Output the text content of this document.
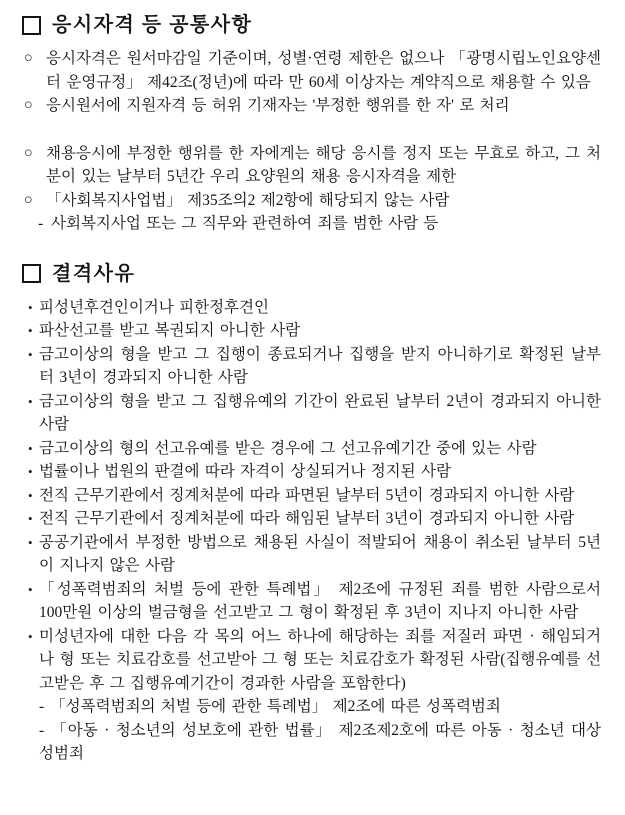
응시자격 등 공통사항
○ 응시자격은 원서마감일 기준이며, 성별·연령 제한은 없으나 「광명시립노인요양센터 운영규정」 제42조(정년)에 따라 만 60세 이상자는 계약직으로 채용할 수 있음
○ 응시원서에 지원자격 등 허위 기재자는 '부정한 행위를 한 자' 로 처리
○ 채용응시에 부정한 행위를 한 자에게는 해당 응시를 정지 또는 무효로 하고, 그 처분이 있는 날부터 5년간 우리 요양원의 채용 응시자격을 제한
○ 「사회복지사업법」 제35조의2 제2항에 해당되지 않는 사람
- 사회복지사업 또는 그 직무와 관련하여 죄를 범한 사람 등
결격사유
• 피성년후견인이거나 피한정후견인
• 파산선고를 받고 복권되지 아니한 사람
• 금고이상의 형을 받고 그 집행이 종료되거나 집행을 받지 아니하기로 확정된 날부터 3년이 경과되지 아니한 사람
• 금고이상의 형을 받고 그 집행유예의 기간이 완료된 날부터 2년이 경과되지 아니한 사람
• 금고이상의 형의 선고유예를 받은 경우에 그 선고유예기간 중에 있는 사람
• 법률이나 법원의 판결에 따라 자격이 상실되거나 정지된 사람
• 전직 근무기관에서 징계처분에 따라 파면된 날부터 5년이 경과되지 아니한 사람
• 전직 근무기관에서 징계처분에 따라 해임된 날부터 3년이 경과되지 아니한 사람
• 공공기관에서 부정한 방법으로 채용된 사실이 적발되어 채용이 취소된 날부터 5년이 지나지 않은 사람
• 「성폭력범죄의 처벌 등에 관한 특례법」 제2조에 규정된 죄를 범한 사람으로서 100만원 이상의 벌금형을 선고받고 그 형이 확정된 후 3년이 지나지 아니한 사람
• 미성년자에 대한 다음 각 목의 어느 하나에 해당하는 죄를 저질러 파면 · 해임되거나 형 또는 치료감호를 선고받아 그 형 또는 치료감호가 확정된 사람(집행유예를 선고받은 후 그 집행유예기간이 경과한 사람을 포함한다)
- 「성폭력범죄의 처벌 등에 관한 특례법」 제2조에 따른 성폭력범죄
- 「아동 · 청소년의 성보호에 관한 법률」 제2조제2호에 따른 아동 · 청소년 대상 성범죄
